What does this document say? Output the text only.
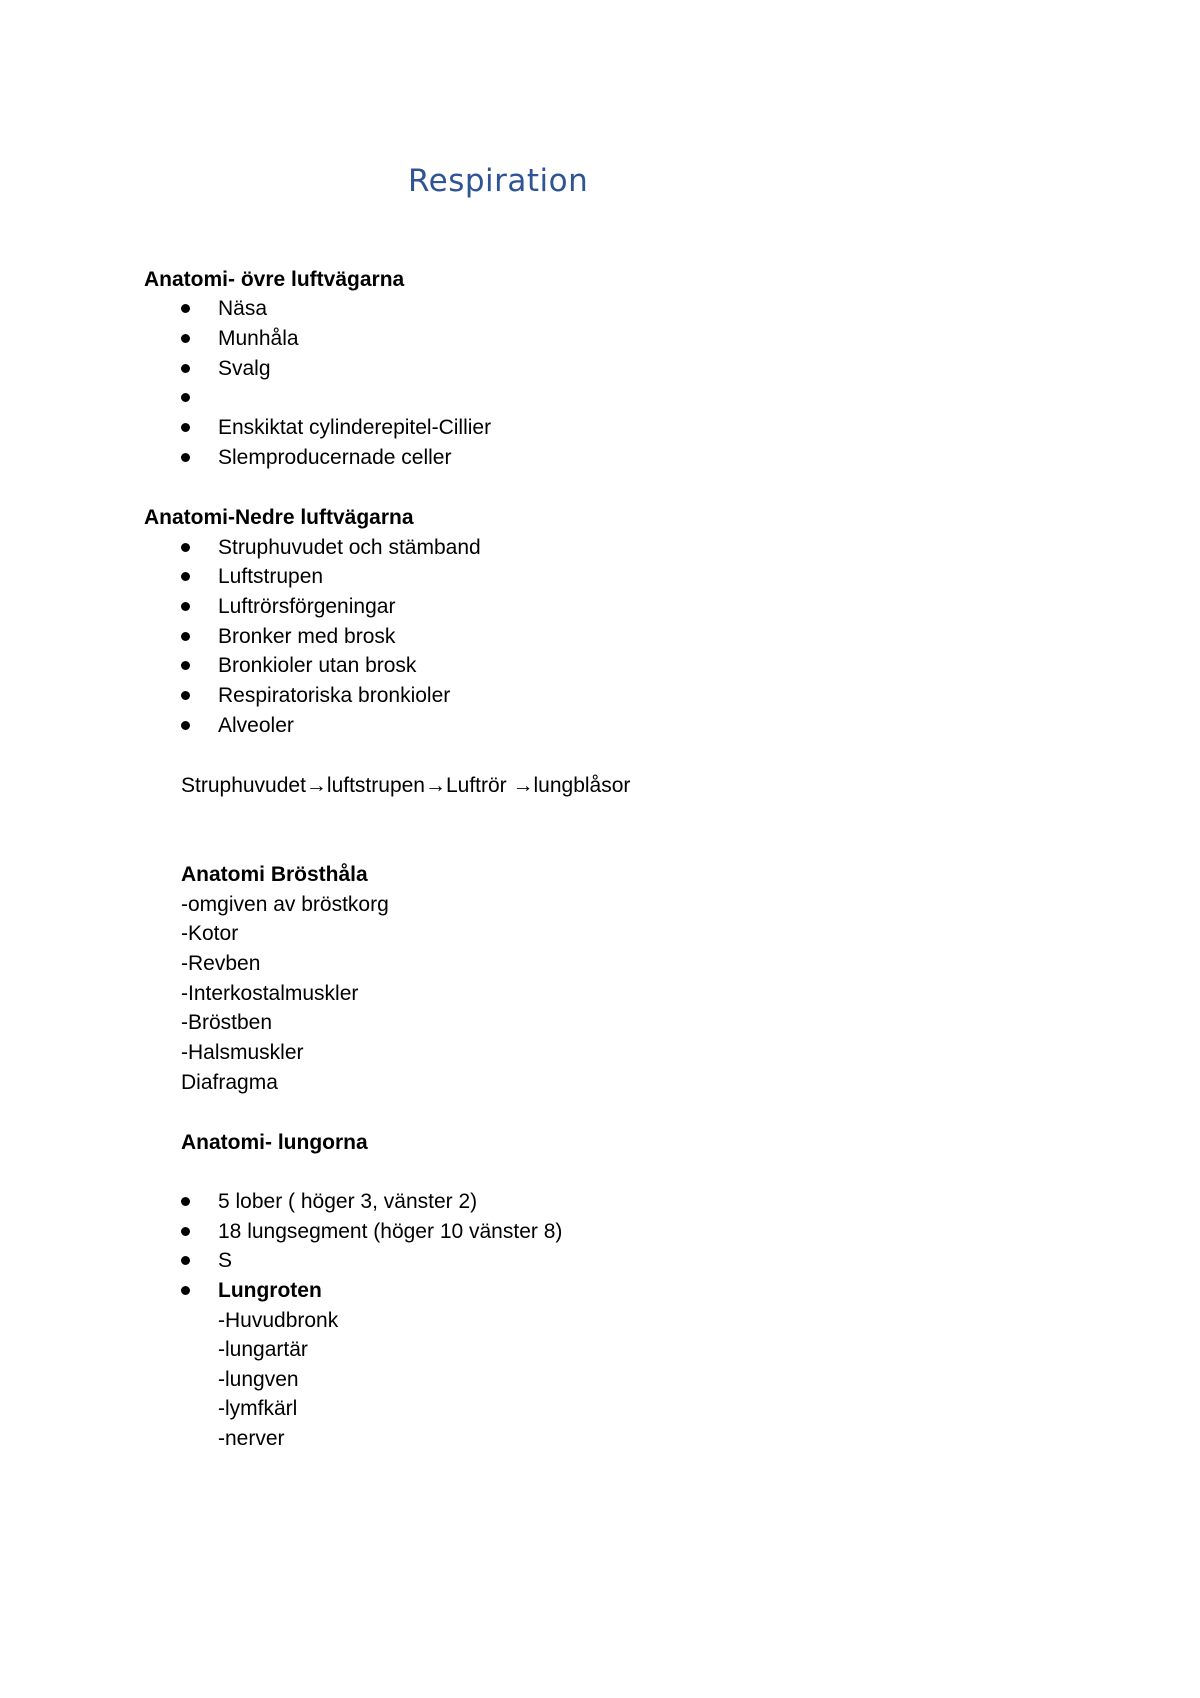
Respiration
Anatomi- övre luftvägarna
Näsa
Munhåla
Svalg
Enskiktat cylinderepitel-Cillier
Slemproducernade celler
Anatomi-Nedre luftvägarna
Struphuvudet och stämband
Luftstrupen
Luftrörsförgeningar
Bronker med brosk
Bronkioler utan brosk
Respiratoriska bronkioler
Alveoler
Struphuvudet→luftstrupen→Luftrör →lungblåsor
Anatomi Brösthåla
-omgiven av bröstkorg
-Kotor
-Revben
-Interkostalmuskler
-Bröstben
-Halsmuskler
Diafragma
Anatomi- lungorna
5 lober ( höger 3, vänster 2)
18 lungsegment (höger 10 vänster 8)
S
Lungroten
-Huvudbronk
-lungartär
-lungven
-lymfkärl
-nerver
